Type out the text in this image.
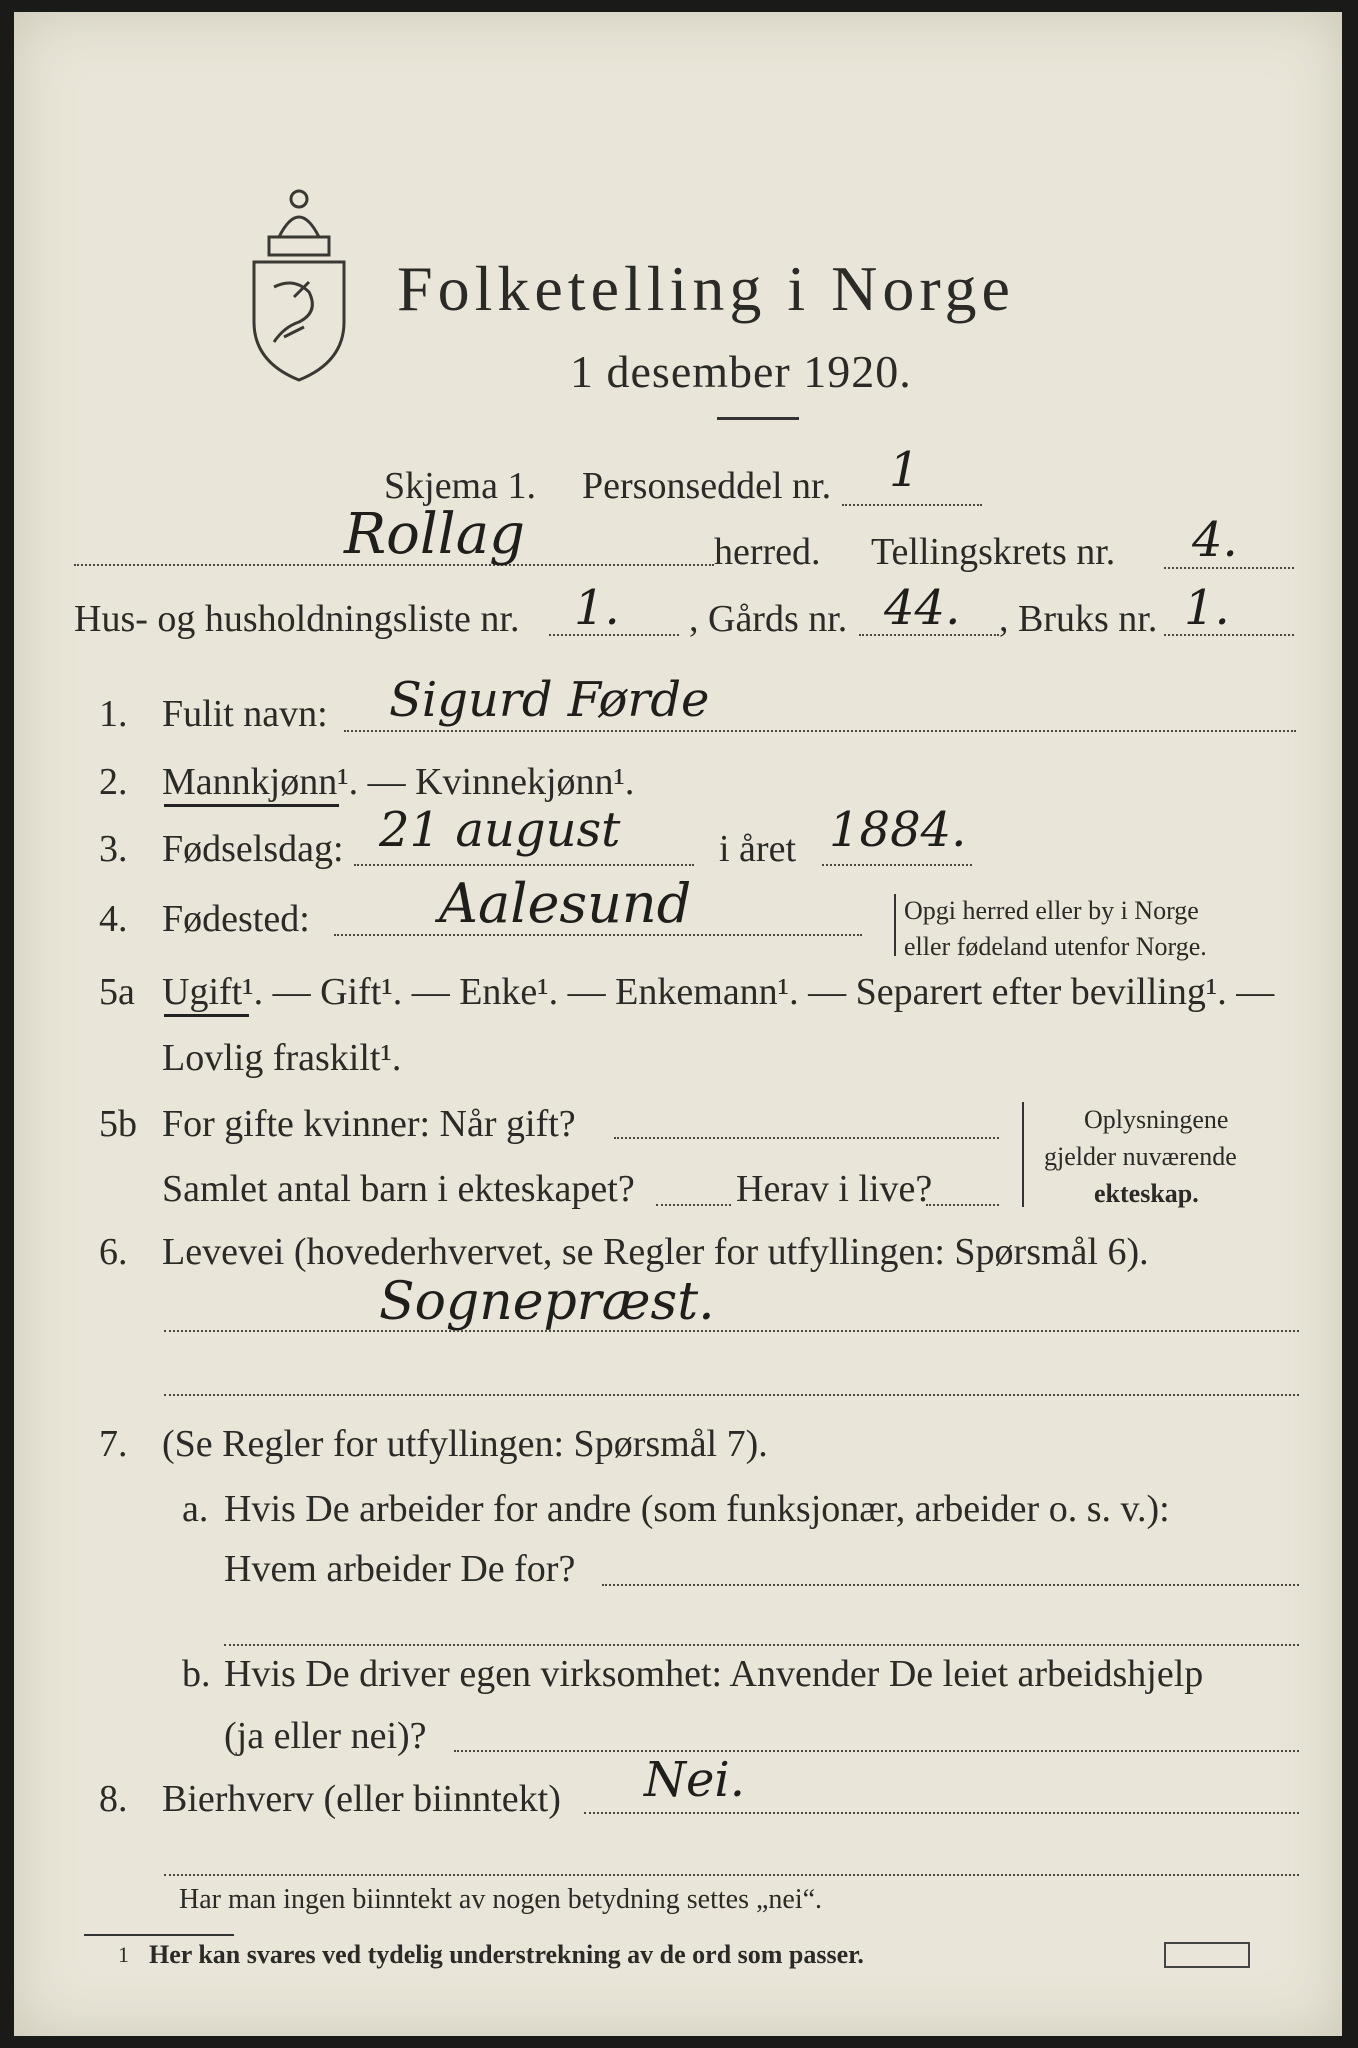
Folketelling i Norge
1 desember 1920.
Skjema 1. Personseddel nr. 1
Rollag	herred. Tellingskrets nr. 4.
Hus- og husholdningsliste nr. 1. , Gårds nr. 44. , Bruks nr. 1.
1. Fulit navn: Sigurd Førde
2. Mannkjønn¹. — Kvinnekjønn¹.
3. Fødselsdag: 21 august	i året 1884.
4. Fødested: Aalesund	Opgi herred eller by i Norge
eller fødeland utenfor Norge.
5a Ugift¹. — Gift¹. — Enke¹. — Enkemann¹. — Separert efter bevilling¹. —
Lovlig fraskilt¹.
5b For gifte kvinner: Når gift?
Samlet antal barn i ekteskapet?	Herav i live?
Oplysningene
gjelder nuværende
ekteskap.
6. Levevei (hovederhvervet, se Regler for utfyllingen: Spørsmål 6).
Sognepræst.
7. (Se Regler for utfyllingen: Spørsmål 7).
a. Hvis De arbeider for andre (som funksjonær, arbeider o. s. v.):
Hvem arbeider De for?
b. Hvis De driver egen virksomhet: Anvender De leiet arbeidshjelp
(ja eller nei)?
8. Bierhverv (eller biinntekt) Nei.
Har man ingen biinntekt av nogen betydning settes „nei“.
1 Her kan svares ved tydelig understrekning av de ord som passer.
